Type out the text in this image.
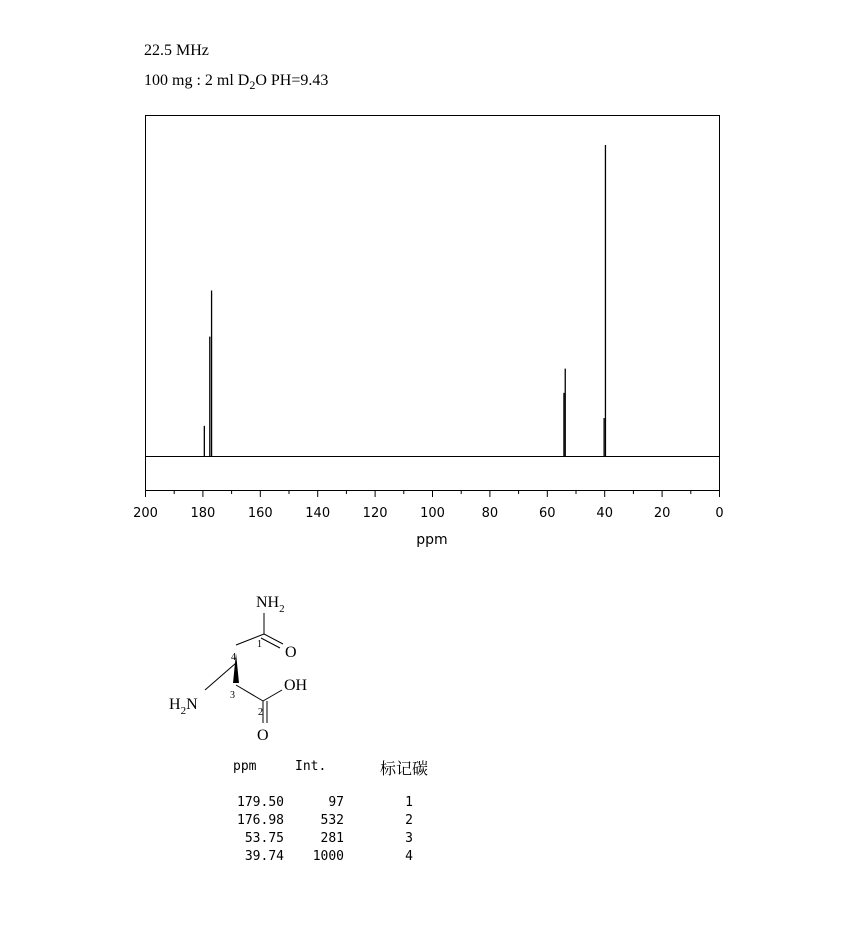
22.5 MHz
100 mg : 2 ml $D_2O$ PH=9.43
200	180	160	140	120	100	80	60	40	20	0
ppm
$NH_2$
O
OH
$H_2N$
O
1
2
3
4
ppm	Int.	标记碳
179.50	97	1
176.98	532	2
53.75	281	3
39.74 1000	4
